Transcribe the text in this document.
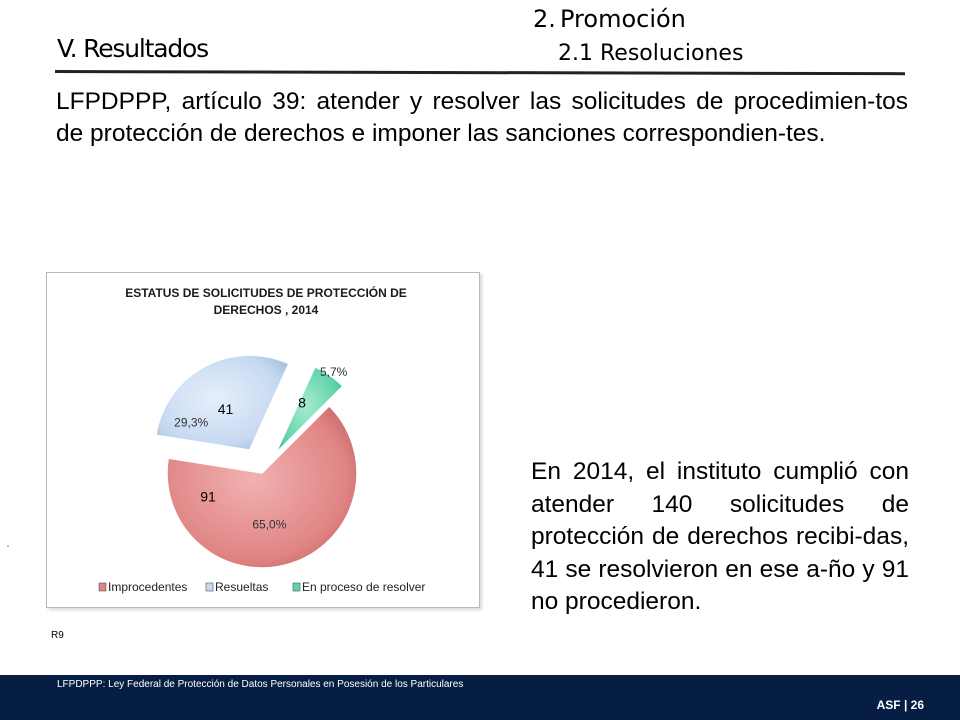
2. Promoción
2.1 Resoluciones
V. Resultados
LFPDPPP, artículo 39: atender y resolver las solicitudes de procedimien-tos de protección de derechos e imponer las sanciones correspondien-tes.
ESTATUS DE SOLICITUDES DE PROTECCIÓN DE
DERECHOS , 2014
91
65,0%
41
29,3%
8
5,7%
Improcedentes Resueltas	En proceso de resolver
En 2014, el instituto cumplió con atender 140 solicitudes de protección de derechos recibi-das, 41 se resolvieron en ese a-ño y 91 no procedieron.
R9
LFPDPPP: Ley Federal de Protección de Datos Personales en Posesión de los Particulares
ASF | 26
